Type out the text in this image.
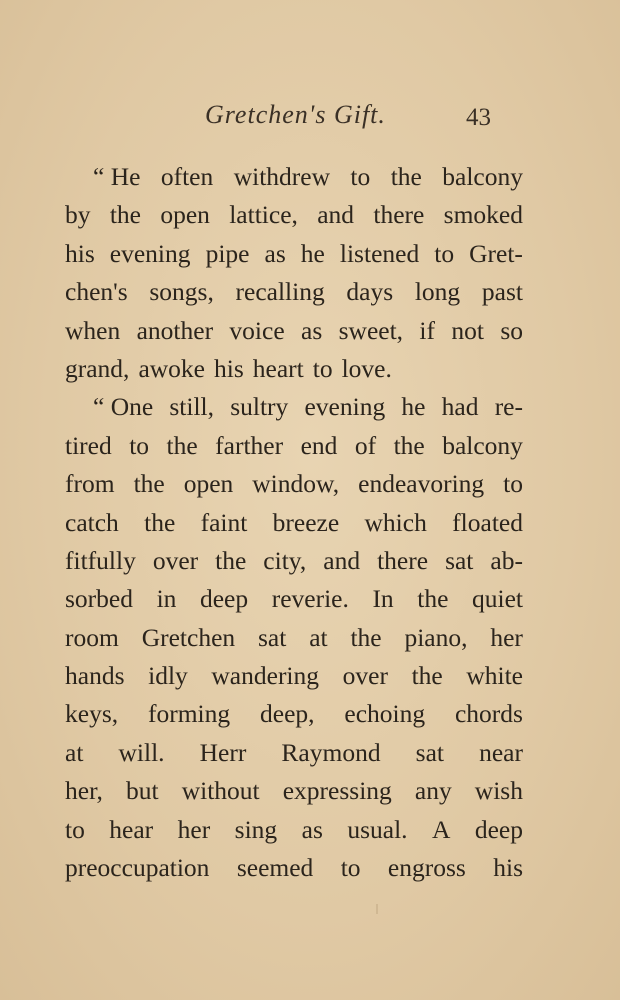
Gretchen's Gift.	43
“ He often withdrew to the balcony
by the open lattice, and there smoked
his evening pipe as he listened to Gret-
chen's songs, recalling days long past
when another voice as sweet, if not so
grand, awoke his heart to love.
“ One still, sultry evening he had re-
tired to the farther end of the balcony
from the open window, endeavoring to
catch the faint breeze which floated
fitfully over the city, and there sat ab-
sorbed in deep reverie. In the quiet
room Gretchen sat at the piano, her
hands idly wandering over the white
keys, forming deep, echoing chords
at will. Herr Raymond sat near
her, but without expressing any wish
to hear her sing as usual. A deep
preoccupation seemed to engross his
